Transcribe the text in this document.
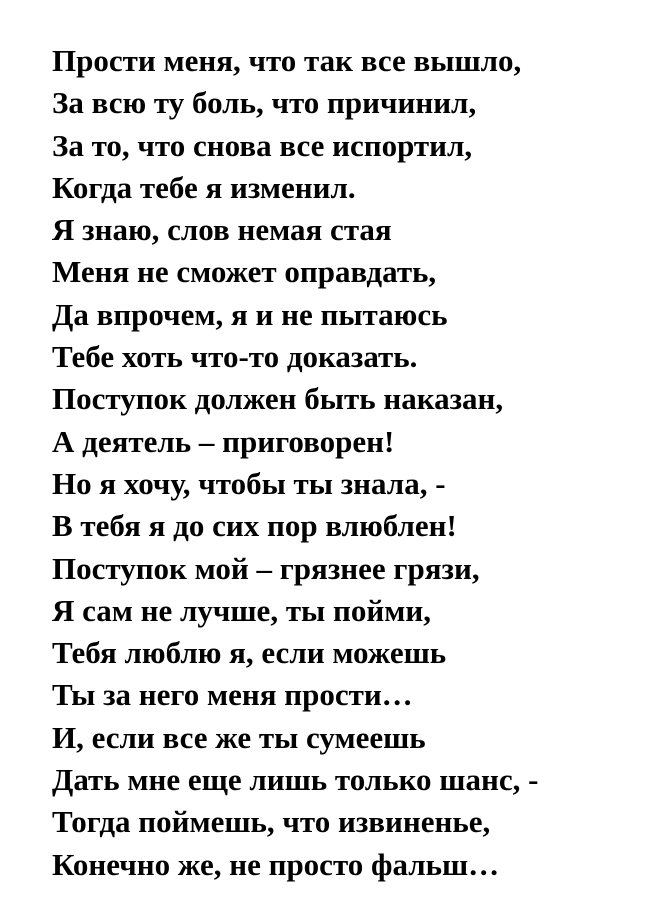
Прости меня, что так все вышло,
За всю ту боль, что причинил,
За то, что снова все испортил,
Когда тебе я изменил.
Я знаю, слов немая стая
Меня не сможет оправдать,
Да впрочем, я и не пытаюсь
Тебе хоть что-то доказать.
Поступок должен быть наказан,
А деятель – приговорен!
Но я хочу, чтобы ты знала, -
В тебя я до сих пор влюблен!
Поступок мой – грязнее грязи,
Я сам не лучше, ты пойми,
Тебя люблю я, если можешь
Ты за него меня прости…
И, если все же ты сумеешь
Дать мне еще лишь только шанс, -
Тогда поймешь, что извиненье,
Конечно же, не просто фальш…
